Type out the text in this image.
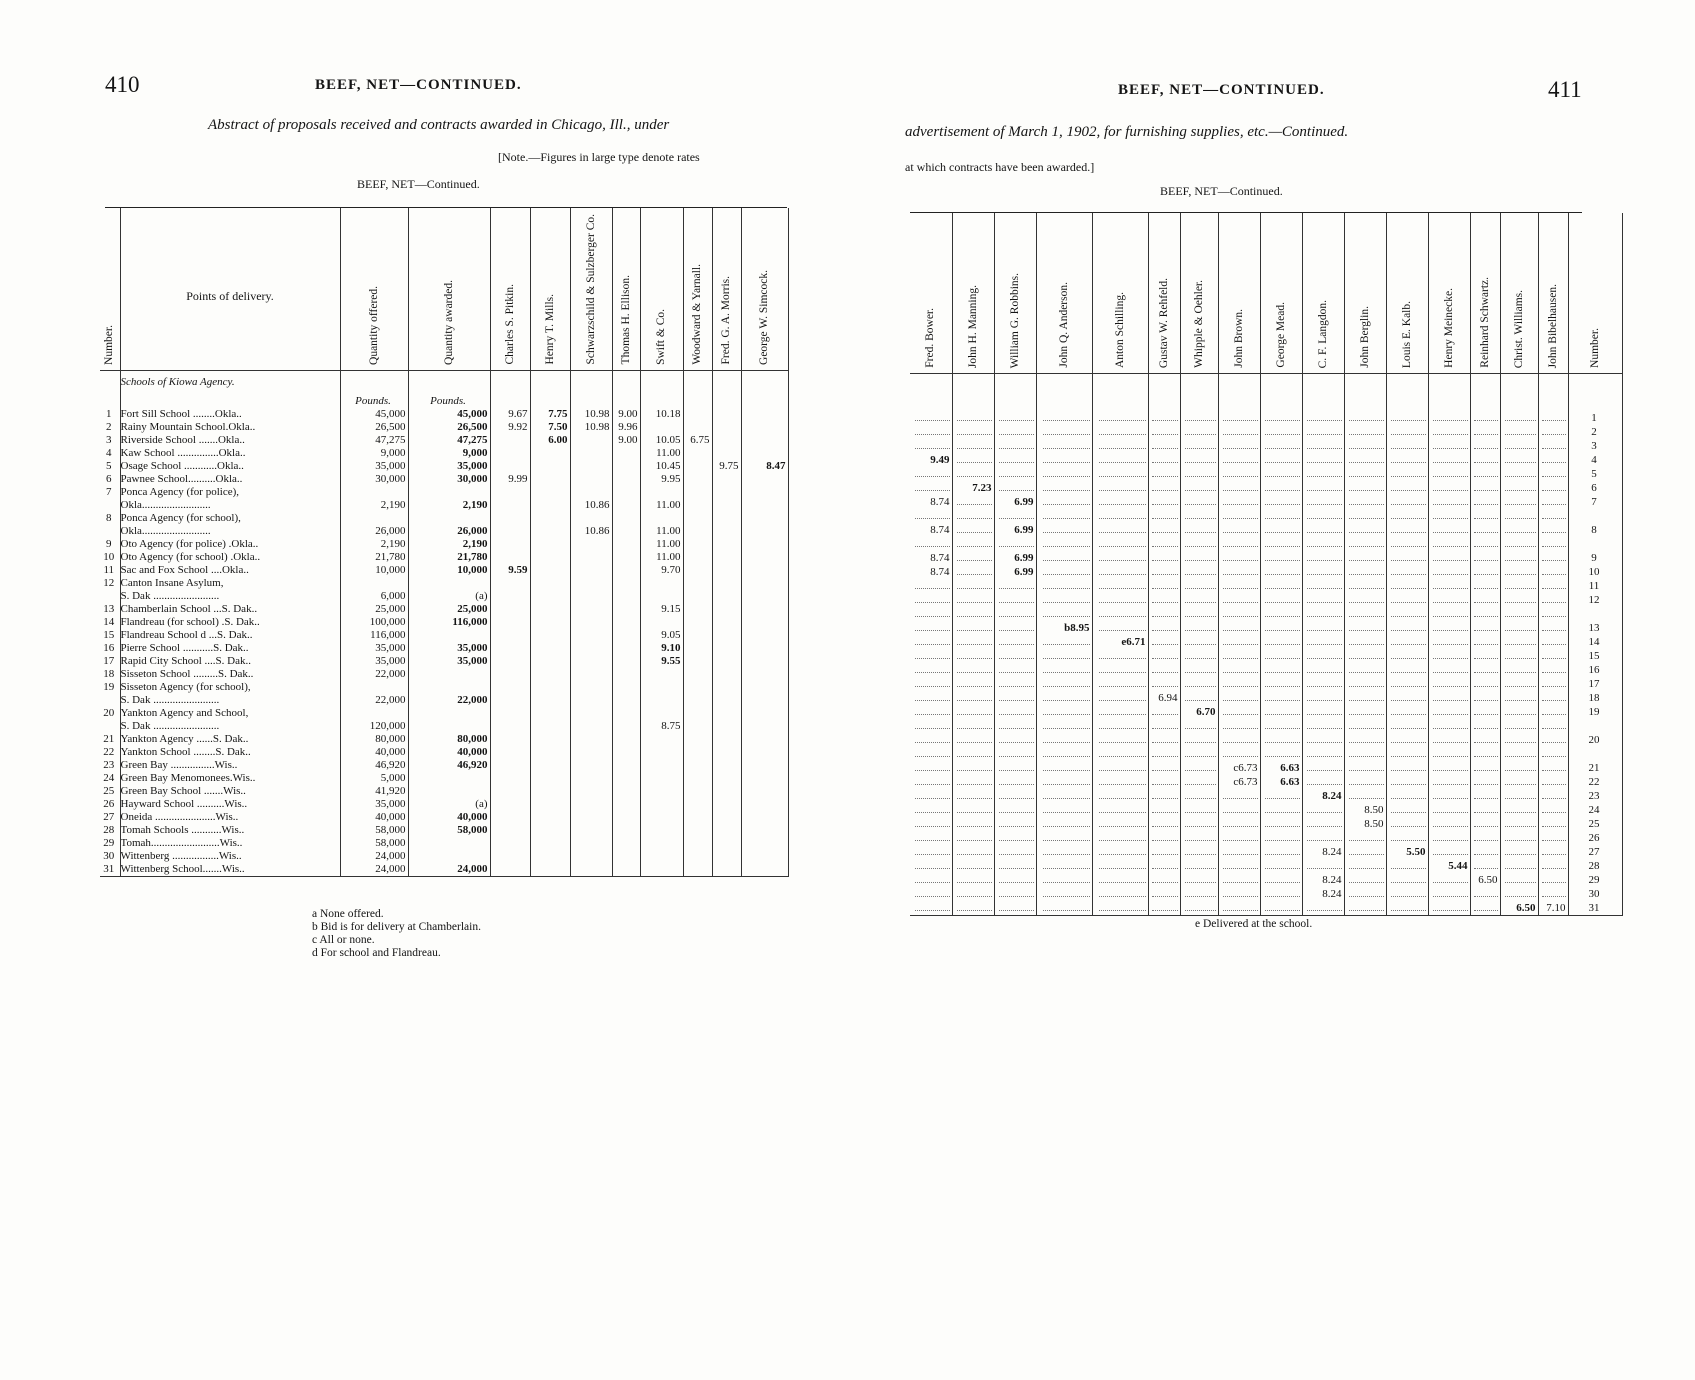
410	BEEF, NET—CONTINUED.
Abstract of proposals received and contracts awarded in Chicago, Ill., under
[Note.—Figures in large type denote rates
BEEF, NET—Continued.
Number.	Points of delivery.	Quantity offered.	Quantity awarded.	Charles S. Pitkin.	Henry T. Mills.	Schwarzschild & Sulzberger Co.	Thomas H. Ellison.	Swift & Co.	Woodward & Yarnall.	Fred. G. A. Morris.	George W. Simcock.
	Schools of Kiowa Agency.										
		Pounds.	Pounds.								
1	Fort Sill School ........Okla..	45,000	45,000	9.67	7.75	10.98	9.00	10.18			
2	Rainy Mountain School.Okla..	26,500	26,500	9.92	7.50	10.98	9.96				
3	Riverside School .......Okla..	47,275	47,275		6.00		9.00	10.05	6.75		
4	Kaw School ...............Okla..	9,000	9,000					11.00			
5	Osage School ............Okla..	35,000	35,000					10.45		9.75	8.47
6	Pawnee School..........Okla..	30,000	30,000	9.99				9.95			
7	Ponca Agency (for police),										
	Okla.........................	2,190	2,190			10.86		11.00			
8	Ponca Agency (for school),										
	Okla.........................	26,000	26,000			10.86		11.00			
9	Oto Agency (for police) .Okla..	2,190	2,190					11.00			
10	Oto Agency (for school) .Okla..	21,780	21,780					11.00			
11	Sac and Fox School ....Okla..	10,000	10,000	9.59				9.70			
12	Canton Insane Asylum,										
	S. Dak ........................	6,000	(a)								
13	Chamberlain School ...S. Dak..	25,000	25,000					9.15			
14	Flandreau (for school) .S. Dak..	100,000	116,000								
15	Flandreau School d ...S. Dak..	116,000						9.05			
16	Pierre School ...........S. Dak..	35,000	35,000					9.10			
17	Rapid City School ....S. Dak..	35,000	35,000					9.55			
18	Sisseton School .........S. Dak..	22,000									
19	Sisseton Agency (for school),										
	S. Dak ........................	22,000	22,000								
20	Yankton Agency and School,										
	S. Dak ........................	120,000						8.75			
21	Yankton Agency ......S. Dak..	80,000	80,000								
22	Yankton School ........S. Dak..	40,000	40,000								
23	Green Bay ................Wis..	46,920	46,920								
24	Green Bay Menomonees.Wis..	5,000									
25	Green Bay School .......Wis..	41,920									
26	Hayward School ..........Wis..	35,000	(a)								
27	Oneida ......................Wis..	40,000	40,000								
28	Tomah Schools ...........Wis..	58,000	58,000								
29	Tomah.........................Wis..	58,000									
30	Wittenberg .................Wis..	24,000									
31	Wittenberg School.......Wis..	24,000	24,000								
a None offered.
b Bid is for delivery at Chamberlain.
c All or none.
d For school and Flandreau.
BEEF, NET—CONTINUED.	411
advertisement of March 1, 1902, for furnishing supplies, etc.—Continued.
at which contracts have been awarded.]
BEEF, NET—Continued.
Fred. Bower.	John H. Manning.	William G. Robbins.	John Q. Anderson.	Anton Schilling.	Gustav W. Rehfeld.	Whipple & Oehler.	John Brown.	George Mead.	C. F. Langdon.	John Berglin.	Louis E. Kalb.	Henry Meinecke.	Reinhard Schwartz.	Christ. Williams.	John Bibelhausen.	Number.

																1
																2
																3
9.49																4
																5
	7.23															6
8.74		6.99														7

8.74		6.99														8

8.74		6.99														9
8.74		6.99														10
																11
																12

			b8.95													13
				e6.71												14
																15
																16
																17
					6.94											18
						6.70										19

																20

							c6.73	6.63								21
							c6.73	6.63								22
									8.24							23
										8.50						24
										8.50						25
																26
									8.24		5.50					27
												5.44				28
									8.24				6.50			29
									8.24							30
														6.50	7.10	31
e Delivered at the school.
